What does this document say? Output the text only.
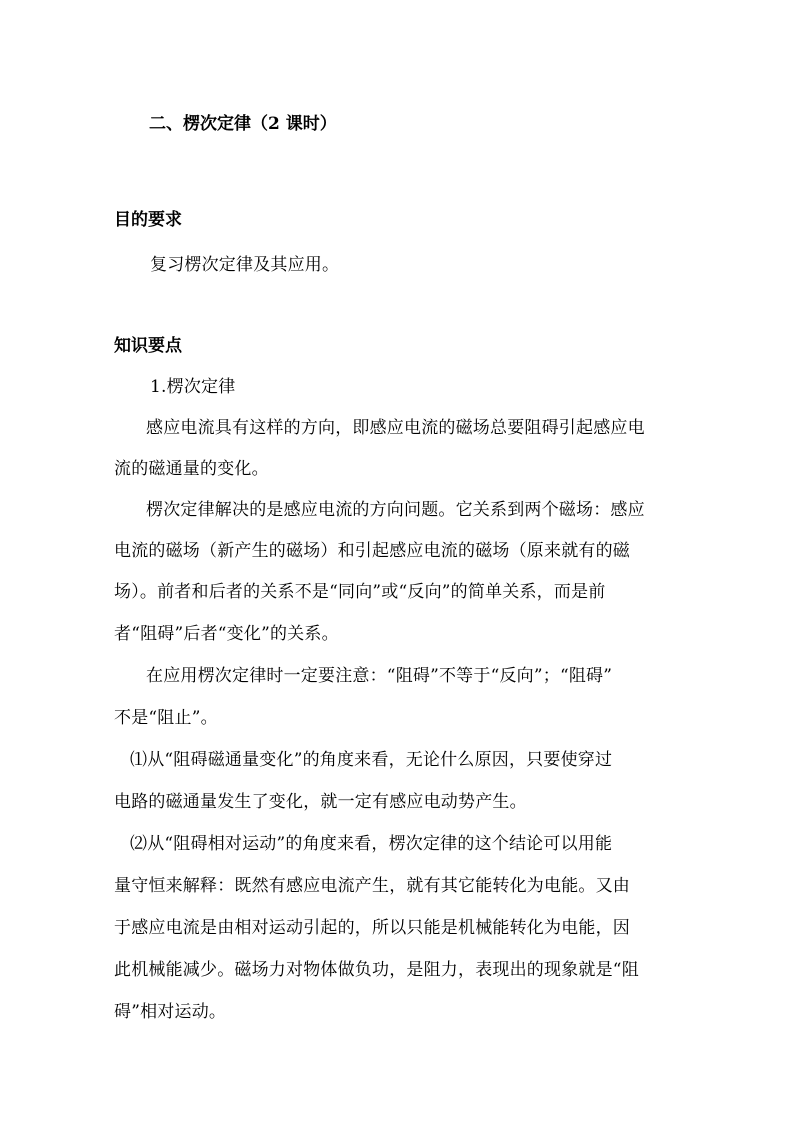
二、楞次定律（2 课时）
目的要求
复习楞次定律及其应用。
知识要点
1.楞次定律
感应电流具有这样的方向，即感应电流的磁场总要阻碍引起感应电
流的磁通量的变化。
楞次定律解决的是感应电流的方向问题。它关系到两个磁场：感应
电流的磁场（新产生的磁场）和引起感应电流的磁场（原来就有的磁
场）。前者和后者的关系不是“同向”或“反向”的简单关系，而是前
者“阻碍”后者“变化”的关系。
在应用楞次定律时一定要注意：“阻碍”不等于“反向”；“阻碍”
不是“阻止”。
⑴从“阻碍磁通量变化”的角度来看，无论什么原因，只要使穿过
电路的磁通量发生了变化，就一定有感应电动势产生。
⑵从“阻碍相对运动”的角度来看，楞次定律的这个结论可以用能
量守恒来解释：既然有感应电流产生，就有其它能转化为电能。又由
于感应电流是由相对运动引起的，所以只能是机械能转化为电能，因
此机械能减少。磁场力对物体做负功，是阻力，表现出的现象就是“阻
碍”相对运动。
